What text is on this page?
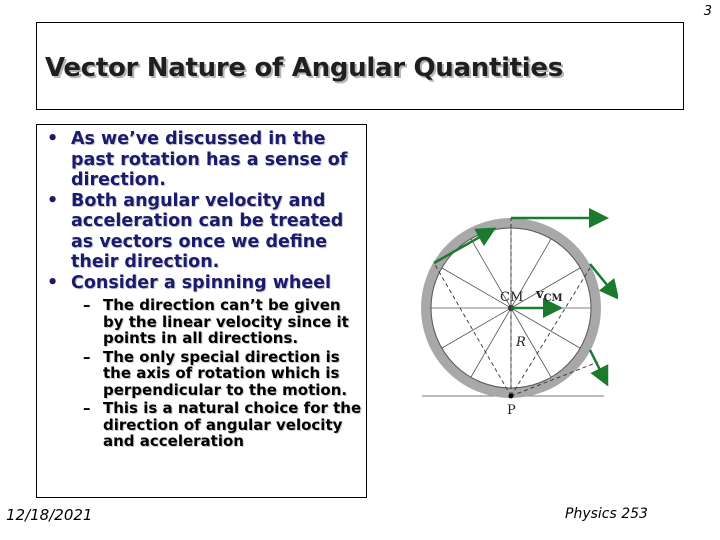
3
Vector Nature of Angular Quantities
• As we’ve discussed in the past rotation has a sense of direction.
• Both angular velocity and acceleration can be treated as vectors once we define their direction.
• Consider a spinning wheel
– The direction can’t be given by the linear velocity since it points in all directions.
– The only special direction is the axis of rotation which is perpendicular to the motion.
– This is a natural choice for the direction of angular velocity and acceleration
CM $v_{CM}$
R
P
12/18/2021	Physics 253
